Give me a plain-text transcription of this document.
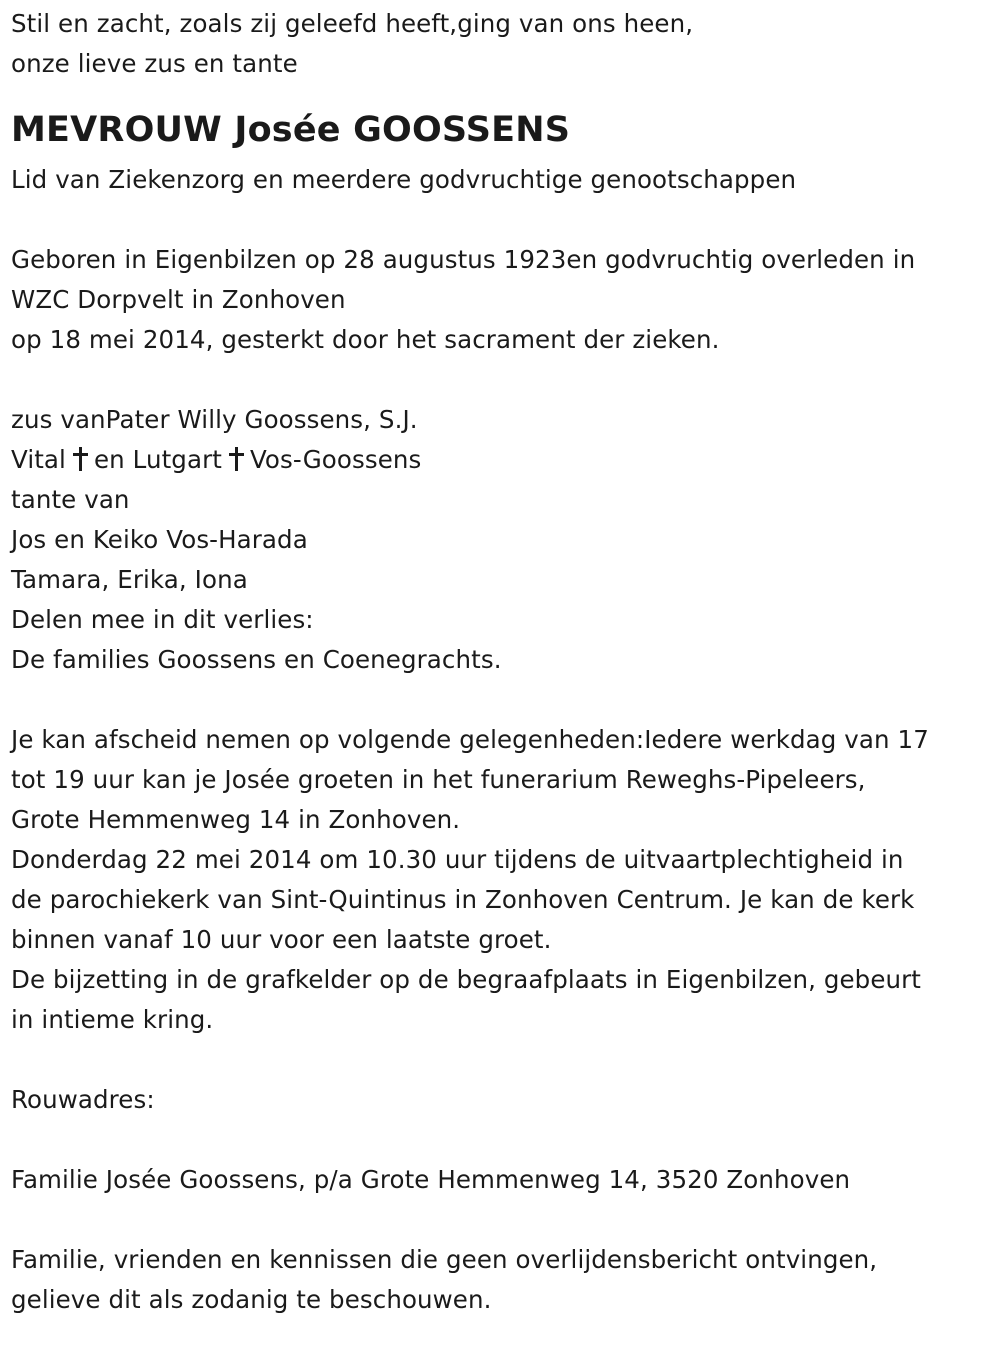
Stil en zacht, zoals zij geleefd heeft,ging van ons heen,
onze lieve zus en tante
MEVROUW Josée GOOSSENS
Lid van Ziekenzorg en meerdere godvruchtige genootschappen
Geboren in Eigenbilzen op 28 augustus 1923en godvruchtig overleden in
WZC Dorpvelt in Zonhoven
op 18 mei 2014, gesterkt door het sacrament der zieken.
zus vanPater Willy Goossens, S.J.
Vital en Lutgart Vos-Goossens
tante van
Jos en Keiko Vos-Harada
Tamara, Erika, Iona
Delen mee in dit verlies:
De families Goossens en Coenegrachts.
Je kan afscheid nemen op volgende gelegenheden:Iedere werkdag van 17
tot 19 uur kan je Josée groeten in het funerarium Reweghs-Pipeleers,
Grote Hemmenweg 14 in Zonhoven.
Donderdag 22 mei 2014 om 10.30 uur tijdens de uitvaartplechtigheid in
de parochiekerk van Sint-Quintinus in Zonhoven Centrum. Je kan de kerk
binnen vanaf 10 uur voor een laatste groet.
De bijzetting in de grafkelder op de begraafplaats in Eigenbilzen, gebeurt
in intieme kring.
Rouwadres:
Familie Josée Goossens, p/a Grote Hemmenweg 14, 3520 Zonhoven
Familie, vrienden en kennissen die geen overlijdensbericht ontvingen,
gelieve dit als zodanig te beschouwen.
